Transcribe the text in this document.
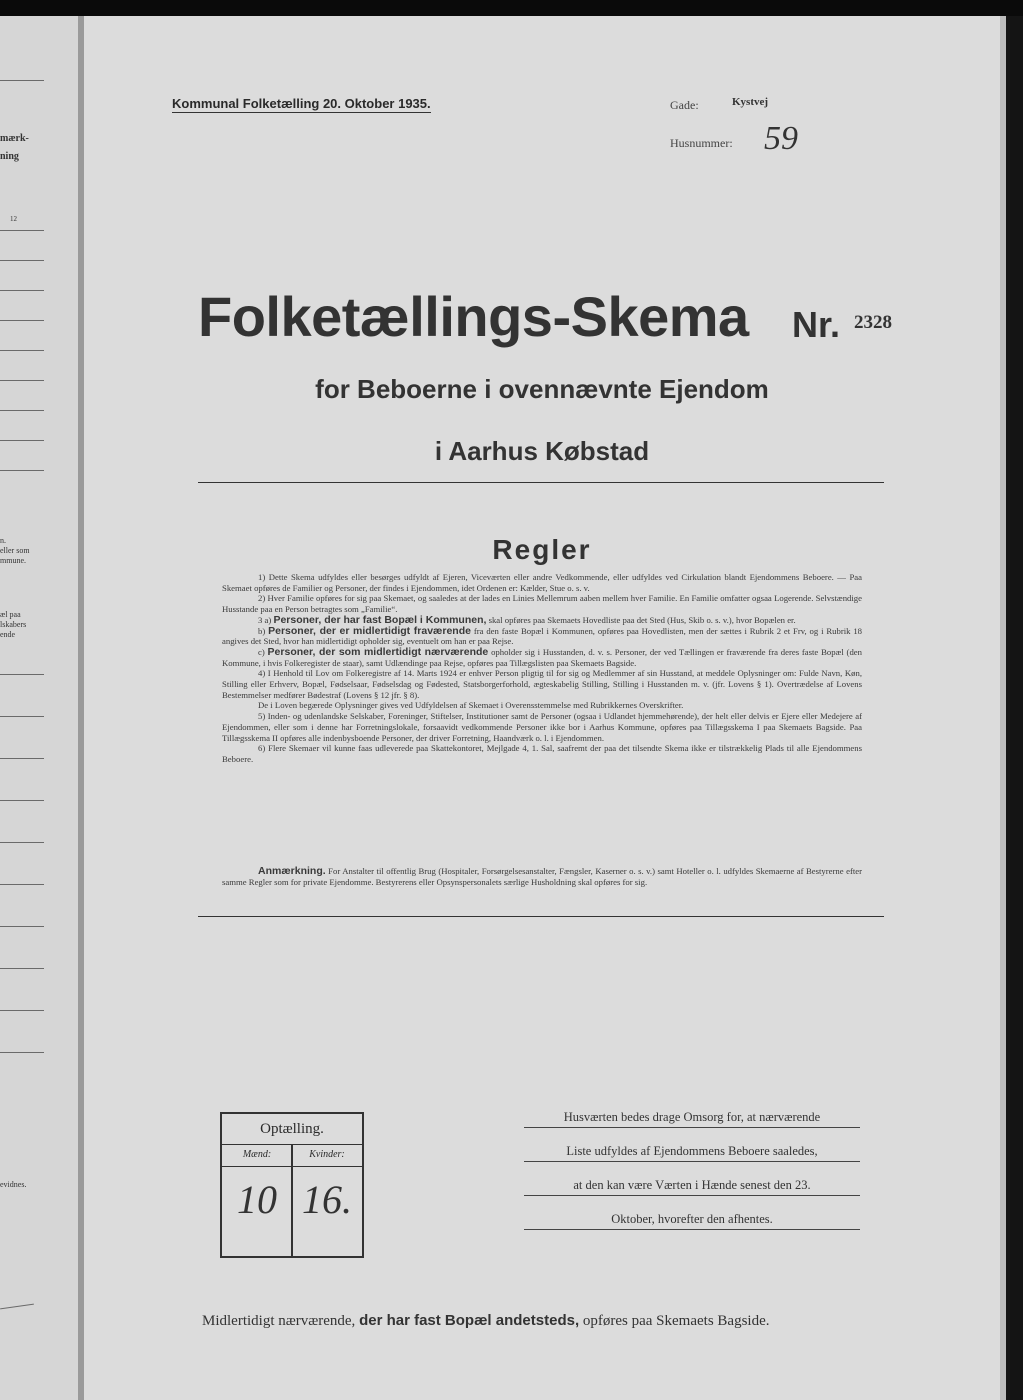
mærk-
ning
12
n.
eller som
mmune.
æl paa
lskabers
ende
evidnes.
Kommunal Folketælling 20. Oktober 1935.	Gade:	Kystvej
Husnummer: 59
Folketællings-Skema Nr. 2328
for Beboerne i ovennævnte Ejendom
i Aarhus Købstad
Regler

1) Dette Skema udfyldes eller besørges udfyldt af Ejeren, Viceværten eller andre Vedkommende, eller udfyldes ved Cirkulation blandt Ejendommens Beboere. — Paa Skemaet opføres de Familier og Personer, der findes i Ejendommen, idet Ordenen er: Kælder, Stue o. s. v.

2) Hver Familie opføres for sig paa Skemaet, og saaledes at der lades en Linies Mellemrum aaben mellem hver Familie. En Familie omfatter ogsaa Logerende. Selvstændige Husstande paa en Person betragtes som „Familie“.

3 a) Personer, der har fast Bopæl i Kommunen, skal opføres paa Skemaets Hovedliste paa det Sted (Hus, Skib o. s. v.), hvor Bopælen er.

b) Personer, der er midlertidigt fraværende fra den faste Bopæl i Kommunen, opføres paa Hovedlisten, men der sættes i Rubrik 2 et Frv, og i Rubrik 18 angives det Sted, hvor han midlertidigt opholder sig, eventuelt om han er paa Rejse.

c) Personer, der som midlertidigt nærværende opholder sig i Husstanden, d. v. s. Personer, der ved Tællingen er fraværende fra deres faste Bopæl (den Kommune, i hvis Folkeregister de staar), samt Udlændinge paa Rejse, opføres paa Tillægslisten paa Skemaets Bagside.

4) I Henhold til Lov om Folkeregistre af 14. Marts 1924 er enhver Person pligtig til for sig og Medlemmer af sin Husstand, at meddele Oplysninger om: Fulde Navn, Køn, Stilling eller Erhverv, Bopæl, Fødselsaar, Fødselsdag og Fødested, Statsborgerforhold, ægteskabelig Stilling, Stilling i Husstanden m. v. (jfr. Lovens § 1). Overtrædelse af Lovens Bestemmelser medfører Bødestraf (Lovens § 12 jfr. § 8).

De i Loven begærede Oplysninger gives ved Udfyldelsen af Skemaet i Overensstemmelse med Rubrikkernes Overskrifter.

5) Inden- og udenlandske Selskaber, Foreninger, Stiftelser, Institutioner samt de Personer (ogsaa i Udlandet hjemmehørende), der helt eller delvis er Ejere eller Medejere af Ejendommen, eller som i denne har Forretningslokale, forsaavidt vedkommende Personer ikke bor i Aarhus Kommune, opføres paa Tillægsskema I paa Skemaets Bagside. Paa Tillægsskema II opføres alle indenbysboende Personer, der driver Forretning, Haandværk o. l. i Ejendommen.

6) Flere Skemaer vil kunne faas udleverede paa Skattekontoret, Mejlgade 4, 1. Sal, saafremt der paa det tilsendte Skema ikke er tilstrækkelig Plads til alle Ejendommens Beboere.

Anmærkning. For Anstalter til offentlig Brug (Hospitaler, Forsørgelsesanstalter, Fængsler, Kaserner o. s. v.) samt Hoteller o. l. udfyldes Skemaerne af Bestyrerne efter samme Regler som for private Ejendomme. Bestyrerens eller Opsynspersonalets særlige Husholdning skal opføres for sig.
Optælling.
Mænd:	Kvinder:
10 16.
Husværten bedes drage Omsorg for, at nærværende
Liste udfyldes af Ejendommens Beboere saaledes,
at den kan være Værten i Hænde senest den 23.
Oktober, hvorefter den afhentes.
Midlertidigt nærværende, der har fast Bopæl andetsteds, opføres paa Skemaets Bagside.
